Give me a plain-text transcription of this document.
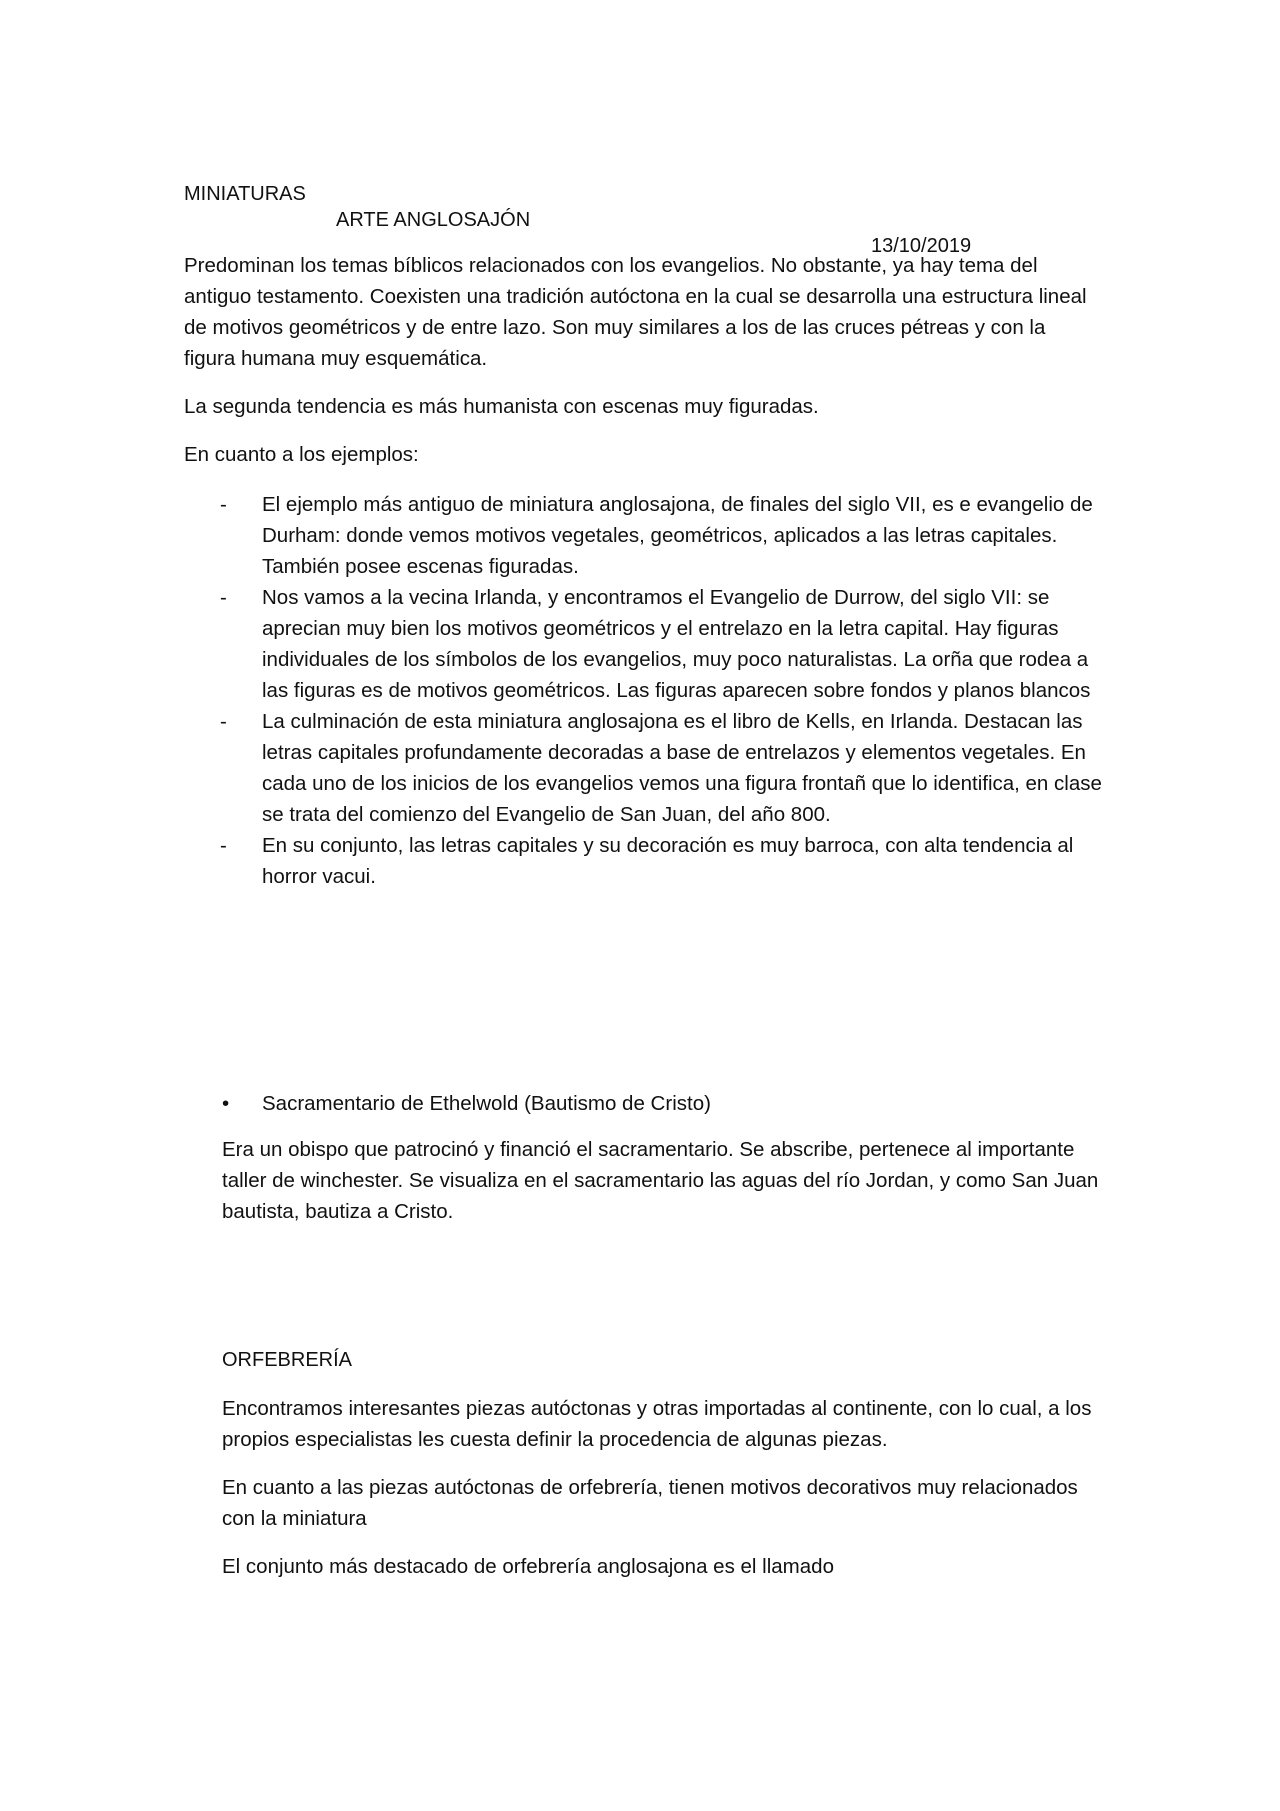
MINIATURAS

ARTE ANGLOSAJÓN

13/10/2019

Predominan los temas bíblicos relacionados con los evangelios. No obstante, ya hay tema del antiguo testamento. Coexisten una tradición autóctona en la cual se desarrolla una estructura lineal de motivos geométricos y de entre lazo. Son muy similares a los de las cruces pétreas y con la figura humana muy esquemática.

La segunda tendencia es más humanista con escenas muy figuradas.

En cuanto a los ejemplos:

- El ejemplo más antiguo de miniatura anglosajona, de finales del siglo VII, es e evangelio de Durham: donde vemos motivos vegetales, geométricos, aplicados a las letras capitales. También posee escenas figuradas.
- Nos vamos a la vecina Irlanda, y encontramos el Evangelio de Durrow, del siglo VII: se aprecian muy bien los motivos geométricos y el entrelazo en la letra capital. Hay figuras individuales de los símbolos de los evangelios, muy poco naturalistas. La orña que rodea a las figuras es de motivos geométricos. Las figuras aparecen sobre fondos y planos blancos
- La culminación de esta miniatura anglosajona es el libro de Kells, en Irlanda. Destacan las letras capitales profundamente decoradas a base de entrelazos y elementos vegetales. En cada uno de los inicios de los evangelios vemos una figura frontañ que lo identifica, en clase se trata del comienzo del Evangelio de San Juan, del año 800.
- En su conjunto, las letras capitales y su decoración es muy barroca, con alta tendencia al horror vacui.
•	Sacramentario de Ethelwold (Bautismo de Cristo)

Era un obispo que patrocinó y financió el sacramentario. Se abscribe, pertenece al importante taller de winchester. Se visualiza en el sacramentario las aguas del río Jordan, y como San Juan bautista, bautiza a Cristo.

ORFEBRERÍA

Encontramos interesantes piezas autóctonas y otras importadas al continente, con lo cual, a los propios especialistas les cuesta definir la procedencia de algunas piezas.

En cuanto a las piezas autóctonas de orfebrería, tienen motivos decorativos muy relacionados con la miniatura

El conjunto más destacado de orfebrería anglosajona es el llamado
